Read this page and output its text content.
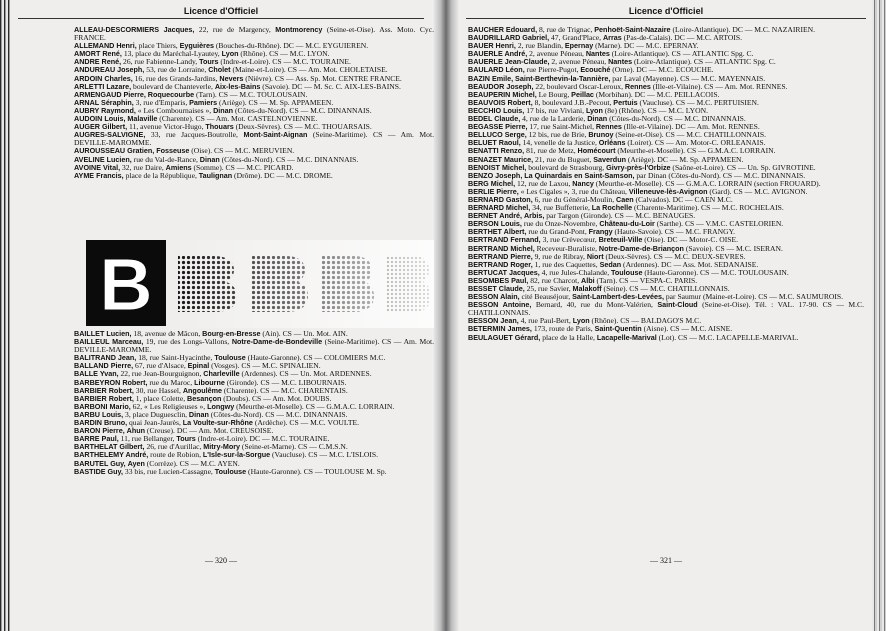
Licence d'Officiel

ALLEAU-DESCORMIERS Jacques, 22, rue de Margency, Montmorency (Seine-et-Oise). Ass. Moto. Cyc. FRANCE.

ALLEMAND Henri, place Thiers, Eyguières (Bouches-du-Rhône). DC — M.C. EYGUIEREN.

AMORT René, 13, place du Maréchal-Lyautey, Lyon (Rhône). CS — M.C. LYON.

ANDRE René, 26, rue Fabienne-Landy, Tours (Indre-et-Loire). CS — M.C. TOURAINE.

ANDUREAU Joseph, 53, rue de Lorraine, Cholet (Maine-et-Loire). CS — Am. Mot. CHOLETAISE.

ARDOIN Charles, 16, rue des Grands-Jardins, Nevers (Nièvre). CS — Ass. Sp. Mot. CENTRE FRANCE.

ARLETTI Lazare, boulevard de Chanteverle, Aix-les-Bains (Savoie). DC — M. Sc. C. AIX-LES-BAINS.

ARMENGAUD Pierre, Roquecourbe (Tarn). CS — M.C. TOULOUSAIN.

ARNAL Séraphin, 3, rue d'Emparis, Pamiers (Ariège). CS — M. Sp. APPAMEEN.

AUBRY Raymond, « Les Combournaises », Dinan (Côtes-du-Nord). CS — M.C. DINANNAIS.

AUDOIN Louis, Malaville (Charente). CS — Am. Mot. CASTELNOVIENNE.

AUGER Gilbert, 11, avenue Victor-Hugo, Thouars (Deux-Sèvres). CS — M.C. THOUARSAIS.

AUGRES-SALVIGNE, 33, rue Jacques-Boutrolle, Mont-Saint-Aignan (Seine-Maritime). CS — Am. Mot. DEVILLE-MAROMME.

AUROUSSEAU Gratien, Fosseuse (Oise). CS — M.C. MERUVIEN.

AVELINE Lucien, rue du Val-de-Rance, Dinan (Côtes-du-Nord). CS — M.C. DINANNAIS.

AVOINE Vital, 32, rue Daire, Amiens (Somme). CS — M.C. PICARD.

AYME Francis, place de la République, Taulignan (Drôme). DC — M.C. DROME.

B

BAILLET Lucien, 18, avenue de Mâcon, Bourg-en-Bresse (Ain). CS — Un. Mot. AIN.

BAILLEUL Marceau, 19, rue des Longs-Vallons, Notre-Dame-de-Bondeville (Seine-Maritime). CS — Am. Mot. DEVILLE-MAROMME.

BALITRAND Jean, 18, rue Saint-Hyacinthe, Toulouse (Haute-Garonne). CS — COLOMIERS M.C.

BALLAND Pierre, 67, rue d'Alsace, Epinal (Vosges). CS — M.C. SPINALIEN.

BALLE Yvan, 22, rue Jean-Bourguignon, Charleville (Ardennes). CS — Un. Mot. ARDENNES.

BARBEYRON Robert, rue du Maroc, Libourne (Gironde). CS — M.C. LIBOURNAIS.

BARBIER Robert, 30, rue Hassel, Angoulême (Charente). CS — M.C. CHARENTAIS.

BARBIER Robert, 1, place Colette, Besançon (Doubs). CS — Am. Mot. DOUBS.

BARBONI Mario, 62, « Les Religieuses », Longwy (Meurthe-et-Moselle). CS — G.M.A.C. LORRAIN.

BARBU Louis, 3, place Duguesclin, Dinan (Côtes-du-Nord). CS — M.C. DINANNAIS.

BARDIN Bruno, quai Jean-Jaurès, La Voulte-sur-Rhône (Ardèche). CS — M.C. VOULTE.

BARON Pierre, Ahun (Creuse). DC — Am. Mot. CREUSOISE.

BARRE Paul, 11, rue Bellanger, Tours (Indre-et-Loire). DC — M.C. TOURAINE.

BARTHELAT Gilbert, 26, rue d'Aurillac, Mitry-Mory (Seine-et-Marne). CS — C.M.S.N.

BARTHELEMY André, route de Robion, L'Isle-sur-la-Sorgue (Vaucluse). CS — M.C. L'ISLOIS.

BARUTEL Guy, Ayen (Corrèze). CS — M.C. AYEN.

BASTIDE Guy, 33 bis, rue Lucien-Cassagne, Toulouse (Haute-Garonne). CS — TOULOUSE M. Sp.

— 320 —
Licence d'Officiel

BAUCHER Edouard, 8, rue de Trignac, Penhoët-Saint-Nazaire (Loire-Atlantique). DC — M.C. NAZAIRIEN.

BAUDRILLARD Gabriel, 47, Grand'Place, Arras (Pas-de-Calais). DC — M.C. ARTOIS.

BAUER Henri, 2, rue Blandin, Epernay (Marne). DC — M.C. EPERNAY.

BAUERLE André, 2, avenue Péneau, Nantes (Loire-Atlantique). CS — ATLANTIC Spg. C.

BAUERLE Jean-Claude, 2, avenue Péneau, Nantes (Loire-Atlantique). CS — ATLANTIC Spg. C.

BAULARD Léon, rue Pierre-Pugot, Ecouché (Orne). DC — M.C. ECOUCHE.

BAZIN Emile, Saint-Berthevin-la-Tannière, par Laval (Mayenne). CS — M.C. MAYENNAIS.

BEAUDOR Joseph, 22, boulevard Oscar-Leroux, Rennes (Ille-et-Vilaine). CS — Am. Mot. RENNES.

BEAUPERIN Michel, Le Bourg, Peillac (Morbihan). DC — M.C. PEILLACOIS.

BEAUVOIS Robert, 8, boulevard J.B.-Pecout, Pertuis (Vaucluse). CS — M.C. PERTUISIEN.

BECCHIO Louis, 17 bis, rue Viviani, Lyon (8e) (Rhône). CS — M.C. LYON.

BEDEL Claude, 4, rue de la Larderie, Dinan (Côtes-du-Nord). CS — M.C. DINANNAIS.

BEGASSE Pierre, 17, rue Saint-Michel, Rennes (Ille-et-Vilaine). DC — Am. Mot. RENNES.

BELLUCO Serge, 12 bis, rue de Brie, Brunoy (Seine-et-Oise). CS — M.C. CHATILLONNAIS.

BELUET Raoul, 14, venelle de la Justice, Orléans (Loiret). CS — Am. Motor-C. ORLEANAIS.

BENATTI Renzo, 81, rue de Metz, Homécourt (Meurthe-et-Moselle). CS — G.M.A.C. LORRAIN.

BENAZET Maurice, 21, rue du Buguet, Saverdun (Ariège). DC — M. Sp. APPAMEEN.

BENOIST Michel, boulevard de Strasbourg, Givry-près-l'Orbize (Saône-et-Loire). CS — Un. Sp. GIVROTINE.

BENZO Joseph, La Quinardais en Saint-Samson, par Dinan (Côtes-du-Nord). CS — M.C. DINANNAIS.

BERG Michel, 12, rue de Laxou, Nancy (Meurthe-et-Moselle). CS — G.M.A.C. LORRAIN (section FROUARD).

BERLIE Pierre, « Les Cigales », 3, rue du Château, Villeneuve-lès-Avignon (Gard). CS — M.C. AVIGNON.

BERNARD Gaston, 6, rue du Général-Moulin, Caen (Calvados). DC — CAEN M.C.

BERNARD Michel, 34, rue Buffetterie, La Rochelle (Charente-Maritime). CS — M.C. ROCHELAIS.

BERNET André, Arbis, par Targon (Gironde). CS — M.C. BENAUGES.

BERSON Louis, rue du Onze-Novembre, Château-du-Loir (Sarthe). CS — V.M.C. CASTELORIEN.

BERTHET Albert, rue du Grand-Pont, Frangy (Haute-Savoie). CS — M.C. FRANGY.

BERTRAND Fernand, 3, rue Crèvecœur, Breteuil-Ville (Oise). DC — Motor-C. OISE.

BERTRAND Michel, Receveur-Buraliste, Notre-Dame-de-Briançon (Savoie). CS — M.C. ISERAN.

BERTRAND Pierre, 9, rue de Ribray, Niort (Deux-Sèvres). CS — M.C. DEUX-SEVRES.

BERTRAND Roger, 1, rue des Caquettes, Sedan (Ardennes). DC — Ass. Mot. SEDANAISE.

BERTUCAT Jacques, 4, rue Jules-Chalande, Toulouse (Haute-Garonne). CS — M.C. TOULOUSAIN.

BESOMBES Paul, 82, rue Charcot, Albi (Tarn). CS — VESPA-C. PARIS.

BESSET Claude, 25, rue Savier, Malakoff (Seine). CS — M.C. CHATILLONNAIS.

BESSON Alain, cité Beauséjour, Saint-Lambert-des-Levées, par Saumur (Maine-et-Loire). CS — M.C. SAUMUROIS.

BESSON Antoine, Bernard, 40, rue du Mont-Valérien, Saint-Cloud (Seine-et-Oise). Tél. : VAL. 17-90. CS — M.C. CHATILLONNAIS.

BESSON Jean, 4, rue Paul-Bert, Lyon (Rhône). CS — BALDAGO'S M.C.

BETERMIN James, 173, route de Paris, Saint-Quentin (Aisne). CS — M.C. AISNE.

BEULAGUET Gérard, place de la Halle, Lacapelle-Marival (Lot). CS — M.C. LACAPELLE-MARIVAL.

— 321 —
